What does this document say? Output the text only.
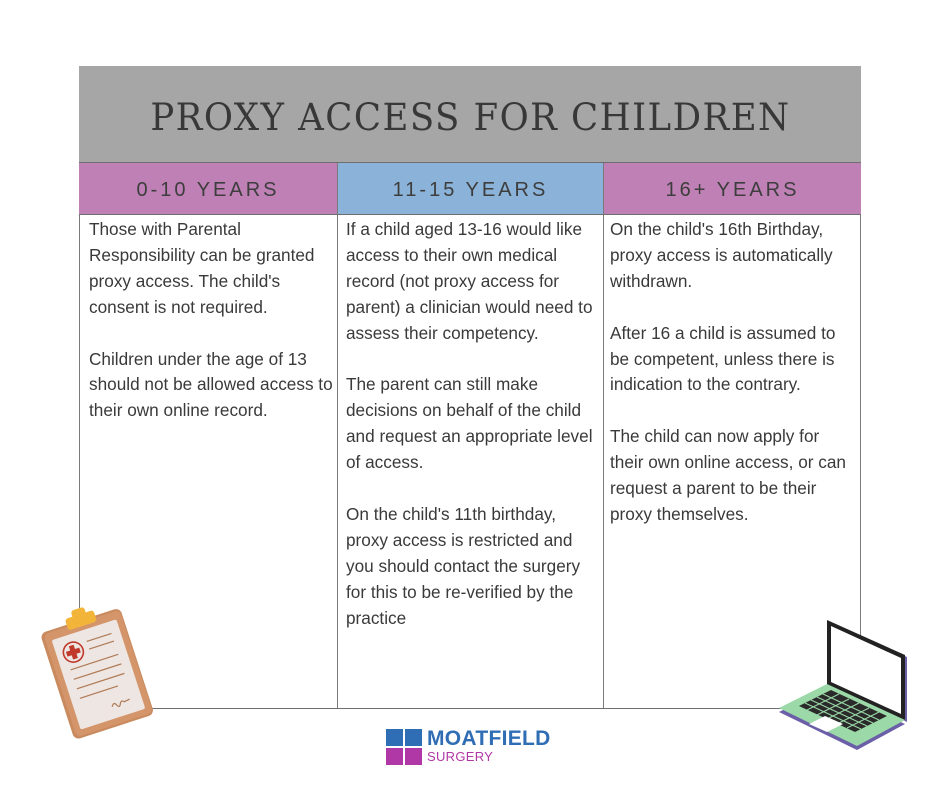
PROXY ACCESS FOR CHILDREN
0-10 YEARS	11-15 YEARS	16+ YEARS

Those with Parental Responsibility can be granted proxy access. The child's consent is not required.

Children under the age of 13 should not be allowed access to their own online record.

If a child aged 13-16 would like access to their own medical record (not proxy access for parent) a clinician would need to assess their competency.

The parent can still make decisions on behalf of the child and request an appropriate level of access.

On the child's 11th birthday, proxy access is restricted and you should contact the surgery for this to be re-verified by the practice

On the child's 16th Birthday, proxy access is automatically withdrawn.

After 16 a child is assumed to be competent, unless there is indication to the contrary.

The child can now apply for their own online access, or can request a parent to be their proxy themselves.

MOATFIELD
SURGERY
